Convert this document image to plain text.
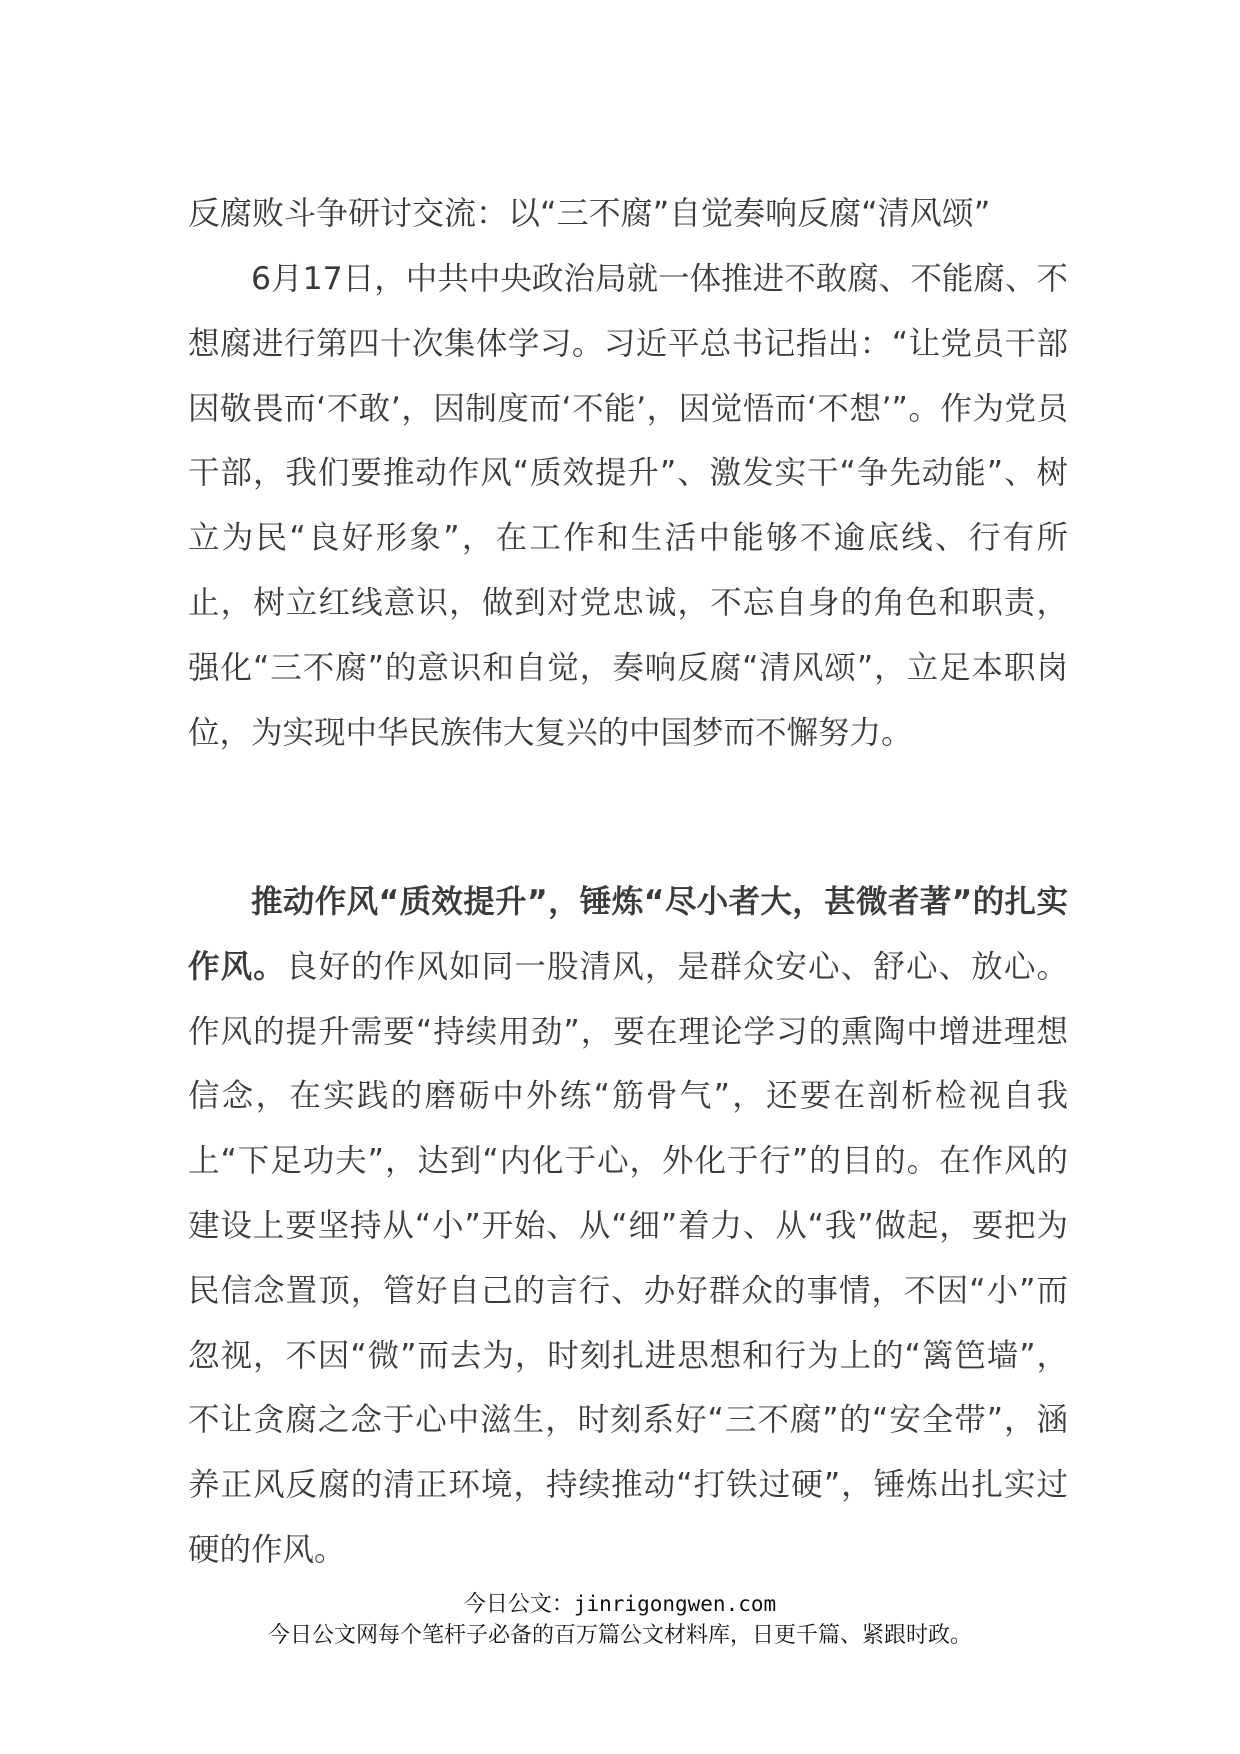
反腐败斗争研讨交流：以“三不腐”自觉奏响反腐“清风颂”

6月17日，中共中央政治局就一体推进不敢腐、不能腐、不想腐进行第四十次集体学习。习近平总书记指出：“让党员干部因敬畏而‘不敢’，因制度而‘不能’，因觉悟而‘不想’”。作为党员干部，我们要推动作风“质效提升”、激发实干“争先动能”、树立为民“良好形象”，在工作和生活中能够不逾底线、行有所止，树立红线意识，做到对党忠诚，不忘自身的角色和职责，强化“三不腐”的意识和自觉，奏响反腐“清风颂”，立足本职岗位，为实现中华民族伟大复兴的中国梦而不懈努力。

推动作风“质效提升”，锤炼“尽小者大，甚微者著”的扎实作风。良好的作风如同一股清风，是群众安心、舒心、放心。作风的提升需要“持续用劲”，要在理论学习的熏陶中增进理想信念，在实践的磨砺中外练“筋骨气”，还要在剖析检视自我上“下足功夫”，达到“内化于心，外化于行”的目的。在作风的建设上要坚持从“小”开始、从“细”着力、从“我”做起，要把为民信念置顶，管好自己的言行、办好群众的事情，不因“小”而忽视，不因“微”而去为，时刻扎进思想和行为上的“篱笆墙”，不让贪腐之念于心中滋生，时刻系好“三不腐”的“安全带”，涵养正风反腐的清正环境，持续推动“打铁过硬”，锤炼出扎实过硬的作风。

今日公文：jinrigongwen.com
今日公文网每个笔杆子必备的百万篇公文材料库，日更千篇、紧跟时政。
